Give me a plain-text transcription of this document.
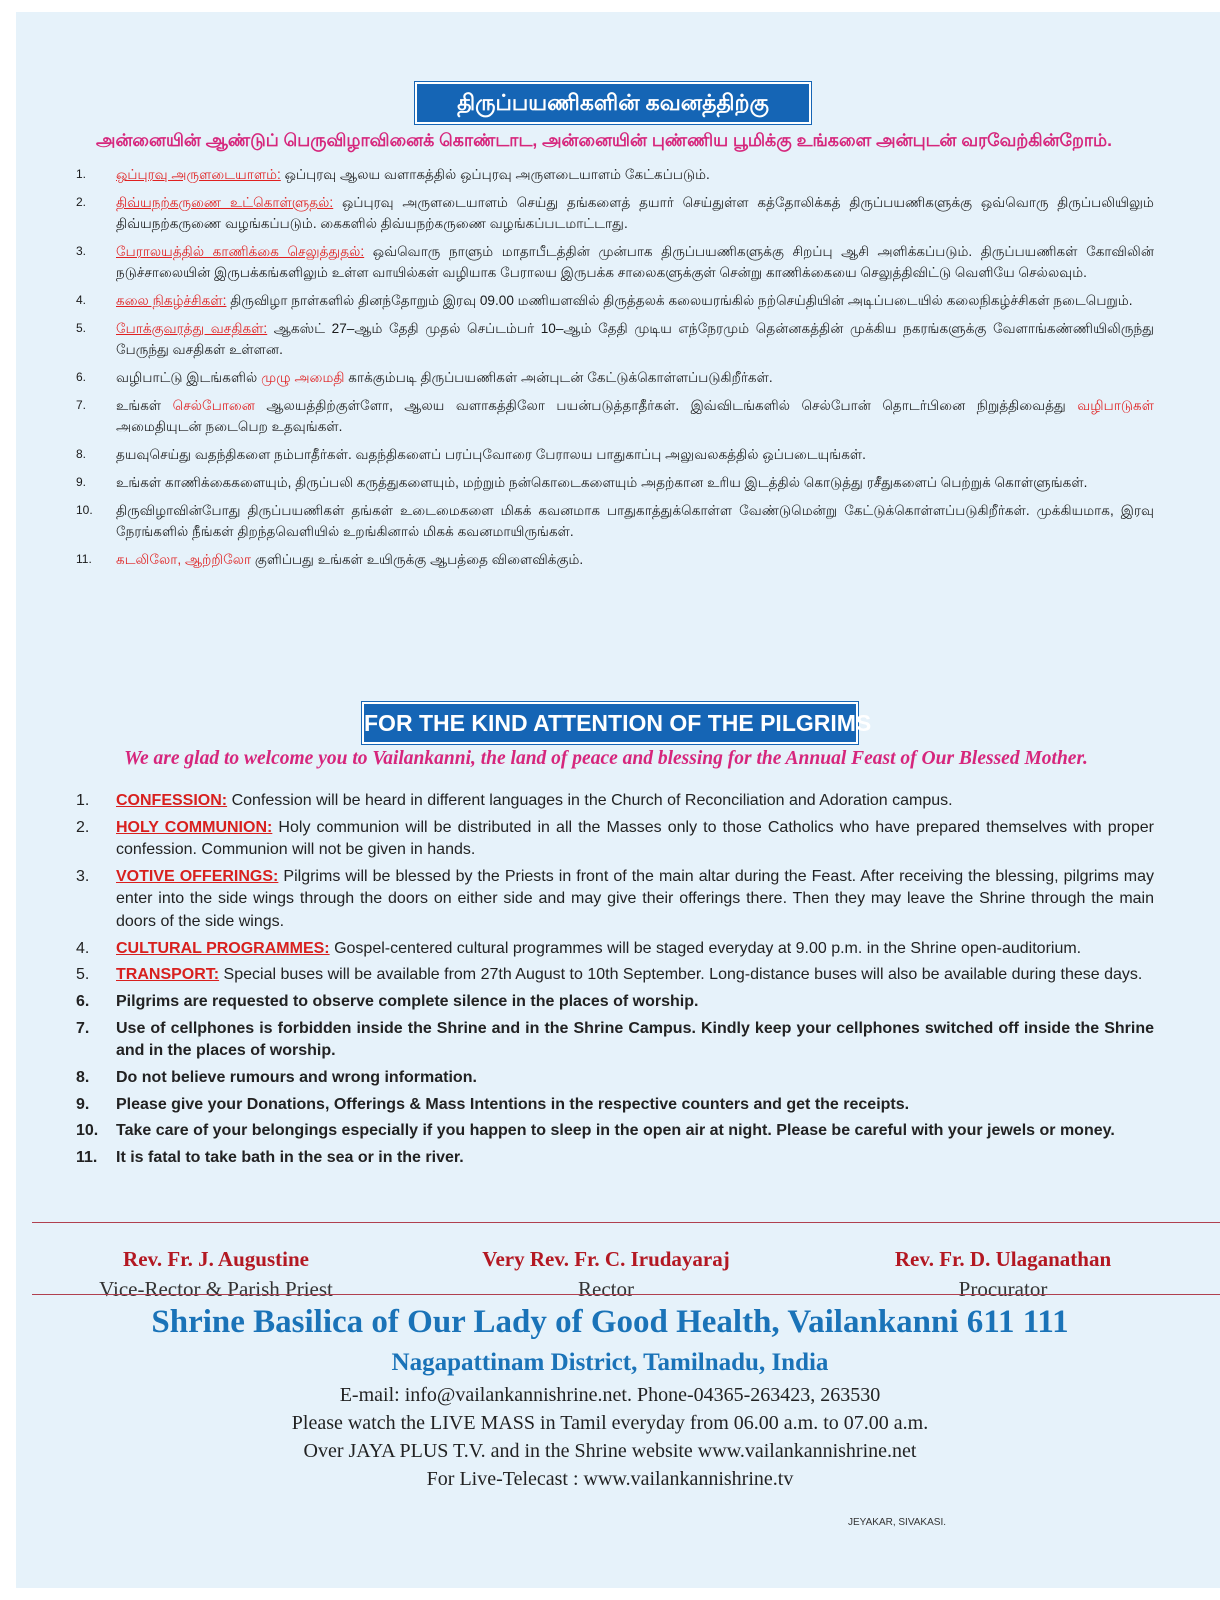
திருப்பயணிகளின் கவனத்திற்கு
அன்னையின் ஆண்டுப் பெருவிழாவினைக் கொண்டாட, அன்னையின் புண்ணிய பூமிக்கு உங்களை அன்புடன் வரவேற்கின்றோம்.
1.	ஒப்புரவு அருளடையாளம்: ஒப்புரவு ஆலய வளாகத்தில் ஒப்புரவு அருளடையாளம் கேட்கப்படும்.
2.	திவ்யநற்கருணை உட்கொள்ளுதல்: ஒப்புரவு அருளடையாளம் செய்து தங்களைத் தயார் செய்துள்ள கத்தோலிக்கத் திருப்பயணிகளுக்கு ஒவ்வொரு திருப்பலியிலும் திவ்யநற்கருணை வழங்கப்படும். கைகளில் திவ்யநற்கருணை வழங்கப்படமாட்டாது.
3.	பேராலயத்தில் காணிக்கை செலுத்துதல்: ஒவ்வொரு நாளும் மாதாபீடத்தின் முன்பாக திருப்பயணிகளுக்கு சிறப்பு ஆசி அளிக்கப்படும். திருப்பயணிகள் கோவிலின் நடுச்சாலையின் இருபக்கங்களிலும் உள்ள வாயில்கள் வழியாக பேராலய இருபக்க சாலைகளுக்குள் சென்று காணிக்கையை செலுத்திவிட்டு வெளியே செல்லவும்.
4.	கலை நிகழ்ச்சிகள்: திருவிழா நாள்களில் தினந்தோறும் இரவு 09.00 மணியளவில் திருத்தலக் கலையரங்கில் நற்செய்தியின் அடிப்படையில் கலைநிகழ்ச்சிகள் நடைபெறும்.
5.	போக்குவரத்து வசதிகள்: ஆகஸ்ட் 27–ஆம் தேதி முதல் செப்டம்பர் 10–ஆம் தேதி முடிய எந்நேரமும் தென்னகத்தின் முக்கிய நகரங்களுக்கு வேளாங்கண்ணியிலிருந்து பேருந்து வசதிகள் உள்ளன.
6.	வழிபாட்டு இடங்களில் முழு அமைதி காக்கும்படி திருப்பயணிகள் அன்புடன் கேட்டுக்கொள்ளப்படுகிறீர்கள்.
7.	உங்கள் செல்போனை ஆலயத்திற்குள்ளோ, ஆலய வளாகத்திலோ பயன்படுத்தாதீர்கள். இவ்விடங்களில் செல்போன் தொடர்பினை நிறுத்திவைத்து வழிபாடுகள் அமைதியுடன் நடைபெற உதவுங்கள்.
8.	தயவுசெய்து வதந்திகளை நம்பாதீர்கள். வதந்திகளைப் பரப்புவோரை பேராலய பாதுகாப்பு அலுவலகத்தில் ஒப்படையுங்கள்.
9.	உங்கள் காணிக்கைகளையும், திருப்பலி கருத்துகளையும், மற்றும் நன்கொடைகளையும் அதற்கான உரிய இடத்தில் கொடுத்து ரசீதுகளைப் பெற்றுக் கொள்ளுங்கள்.
10.	திருவிழாவின்போது திருப்பயணிகள் தங்கள் உடைமைகளை மிகக் கவனமாக பாதுகாத்துக்கொள்ள வேண்டுமென்று கேட்டுக்கொள்ளப்படுகிறீர்கள். முக்கியமாக, இரவு நேரங்களில் நீங்கள் திறந்தவெளியில் உறங்கினால் மிகக் கவனமாயிருங்கள்.
11.	கடலிலோ, ஆற்றிலோ குளிப்பது உங்கள் உயிருக்கு ஆபத்தை விளைவிக்கும்.
FOR THE KIND ATTENTION OF THE PILGRIMS
We are glad to welcome you to Vailankanni, the land of peace and blessing for the Annual Feast of Our Blessed Mother.
1.	CONFESSION: Confession will be heard in different languages in the Church of Reconciliation and Adoration campus.
2.	HOLY COMMUNION: Holy communion will be distributed in all the Masses only to those Catholics who have prepared themselves with proper confession. Communion will not be given in hands.
3.	VOTIVE OFFERINGS: Pilgrims will be blessed by the Priests in front of the main altar during the Feast. After receiving the blessing, pilgrims may enter into the side wings through the doors on either side and may give their offerings there. Then they may leave the Shrine through the main doors of the side wings.
4.	CULTURAL PROGRAMMES: Gospel-centered cultural programmes will be staged everyday at 9.00 p.m. in the Shrine open-auditorium.
5.	TRANSPORT: Special buses will be available from 27th August to 10th September. Long-distance buses will also be available during these days.
6.	Pilgrims are requested to observe complete silence in the places of worship.
7.	Use of cellphones is forbidden inside the Shrine and in the Shrine Campus. Kindly keep your cellphones switched off inside the Shrine and in the places of worship.
8.	Do not believe rumours and wrong information.
9.	Please give your Donations, Offerings & Mass Intentions in the respective counters and get the receipts.
10.	Take care of your belongings especially if you happen to sleep in the open air at night. Please be careful with your jewels or money.
11.	It is fatal to take bath in the sea or in the river.
Rev. Fr. J. Augustine
Vice-Rector & Parish Priest
Very Rev. Fr. C. Irudayaraj
Rector
Rev. Fr. D. Ulaganathan
Procurator
Shrine Basilica of Our Lady of Good Health, Vailankanni 611 111
Nagapattinam District, Tamilnadu, India
E-mail: info@vailankannishrine.net. Phone-04365-263423, 263530
Please watch the LIVE MASS in Tamil everyday from 06.00 a.m. to 07.00 a.m.
Over JAYA PLUS T.V. and in the Shrine website www.vailankannishrine.net
For Live-Telecast : www.vailankannishrine.tv
JEYAKAR, SIVAKASI.
